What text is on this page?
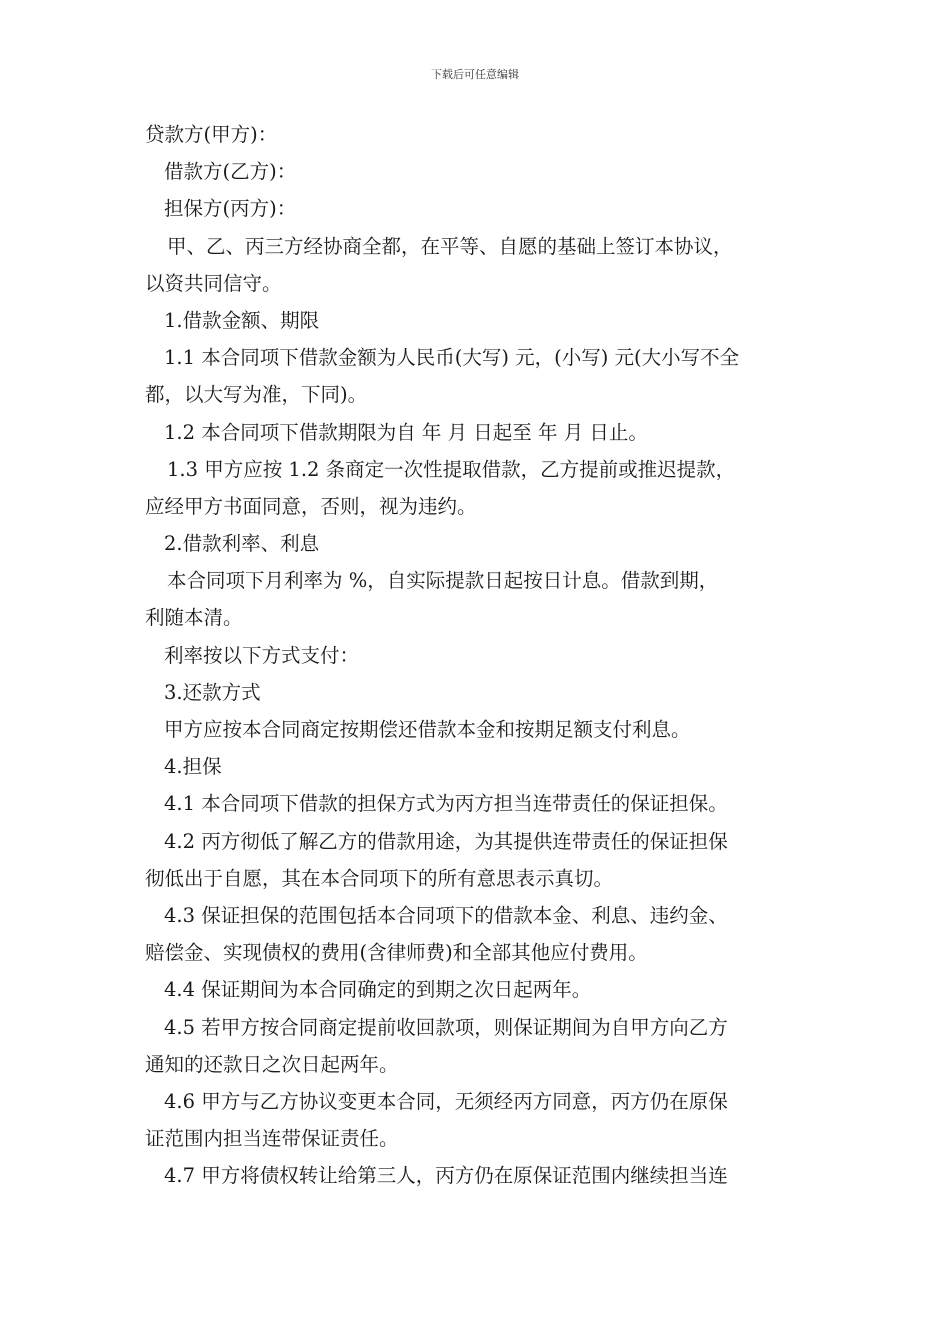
下载后可任意编辑
贷款方(甲方)：
借款方(乙方)：
担保方(丙方)：
甲、乙、丙三方经协商全都，在平等、自愿的基础上签订本协议，
以资共同信守。
1.借款金额、期限
1.1 本合同项下借款金额为人民币(大写) 元，(小写) 元(大小写不全
都，以大写为准，下同)。
1.2 本合同项下借款期限为自 年 月 日起至 年 月 日止。
1.3 甲方应按 1.2 条商定一次性提取借款，乙方提前或推迟提款，
应经甲方书面同意，否则，视为违约。
2.借款利率、利息
本合同项下月利率为 %，自实际提款日起按日计息。借款到期，
利随本清。
利率按以下方式支付：
3.还款方式
甲方应按本合同商定按期偿还借款本金和按期足额支付利息。
4.担保
4.1 本合同项下借款的担保方式为丙方担当连带责任的保证担保。
4.2 丙方彻低了解乙方的借款用途，为其提供连带责任的保证担保
彻低出于自愿，其在本合同项下的所有意思表示真切。
4.3 保证担保的范围包括本合同项下的借款本金、利息、违约金、
赔偿金、实现债权的费用(含律师费)和全部其他应付费用。
4.4 保证期间为本合同确定的到期之次日起两年。
4.5 若甲方按合同商定提前收回款项，则保证期间为自甲方向乙方
通知的还款日之次日起两年。
4.6 甲方与乙方协议变更本合同，无须经丙方同意，丙方仍在原保
证范围内担当连带保证责任。
4.7 甲方将债权转让给第三人，丙方仍在原保证范围内继续担当连
